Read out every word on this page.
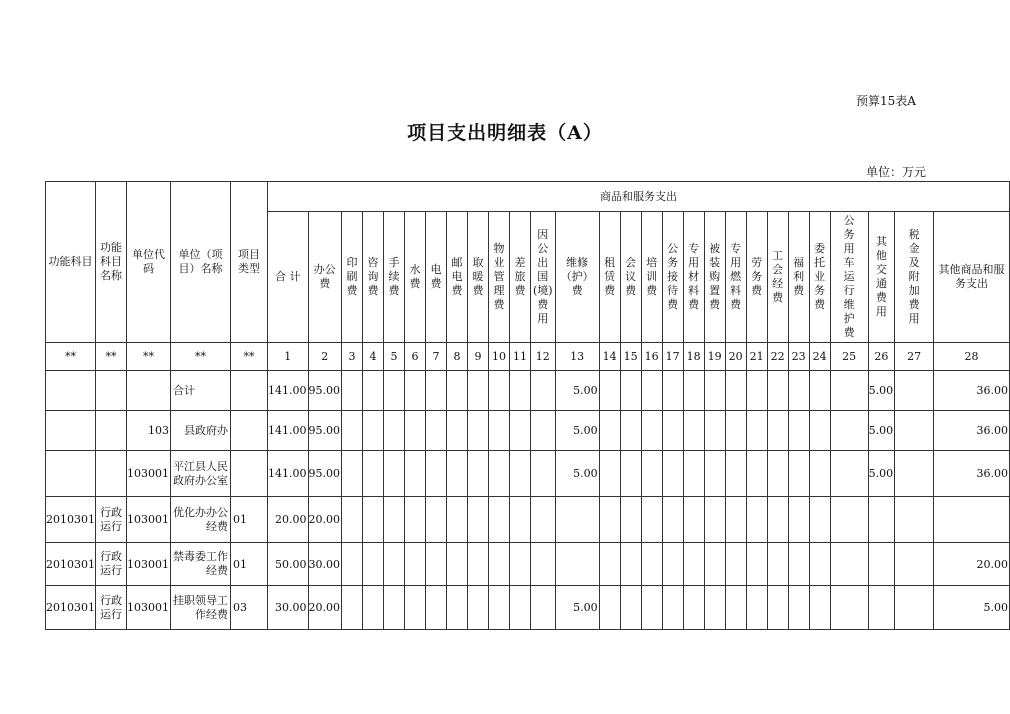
预算15表A
项目支出明细表（A）
单位：万元
功能科目	功能科目名称	单位代码	单位（项目）名称	项目类型	商品和服务支出																											
					合 计	办公费	印刷费	咨询费	手续费	水费	电费	邮电费	取暖费	物业管理费	差旅费	因公出国(境)费用	维修（护）费	租赁费	会议费	培训费	公务接待费	专用材料费	被装购置费	专用燃料费	劳务费	工会经费	福利费	委托业务费	公务用车运行维护费	其他交通费用	税金及附加费用	其他商品和服务支出
**	**	**	**	**	1	2	3	4	5	6	7	8	9	10	11	12	13	14	15	16	17	18	19	20	21	22	23	24	25	26	27	28
			合计		141.00	95.00											5.00													5.00		36.00
		103	县政府办		141.00	95.00											5.00													5.00		36.00
		103001	平江县人民政府办公室		141.00	95.00											5.00													5.00		36.00
2010301	行政运行	103001	优化办办公经费	01	20.00	20.00																										
2010301	行政运行	103001	禁毒委工作经费	01	50.00	30.00																										20.00
2010301	行政运行	103001	挂职领导工作经费	03	30.00	20.00											5.00															5.00
